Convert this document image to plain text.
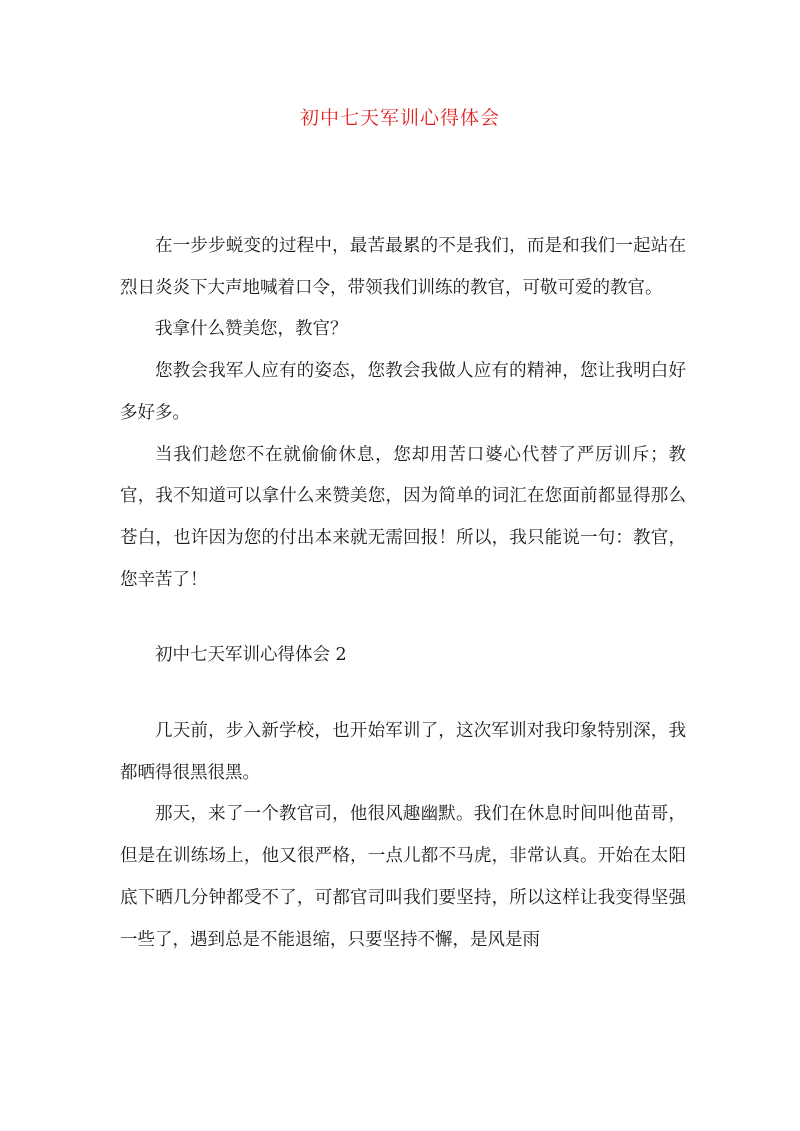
初中七天军训心得体会

在一步步蜕变的过程中，最苦最累的不是我们，而是和我们一起站在烈日炎炎下大声地喊着口令，带领我们训练的教官，可敬可爱的教官。

我拿什么赞美您，教官？

您教会我军人应有的姿态，您教会我做人应有的精神，您让我明白好多好多。

当我们趁您不在就偷偷休息，您却用苦口婆心代替了严厉训斥；教官，我不知道可以拿什么来赞美您，因为简单的词汇在您面前都显得那么苍白，也许因为您的付出本来就无需回报！所以，我只能说一句：教官，您辛苦了！

初中七天军训心得体会 2

几天前，步入新学校，也开始军训了，这次军训对我印象特别深，我都晒得很黑很黑。

那天，来了一个教官司，他很风趣幽默。我们在休息时间叫他苗哥，但是在训练场上，他又很严格，一点儿都不马虎，非常认真。开始在太阳底下晒几分钟都受不了，可都官司叫我们要坚持，所以这样让我变得坚强一些了，遇到总是不能退缩，只要坚持不懈，是风是雨
